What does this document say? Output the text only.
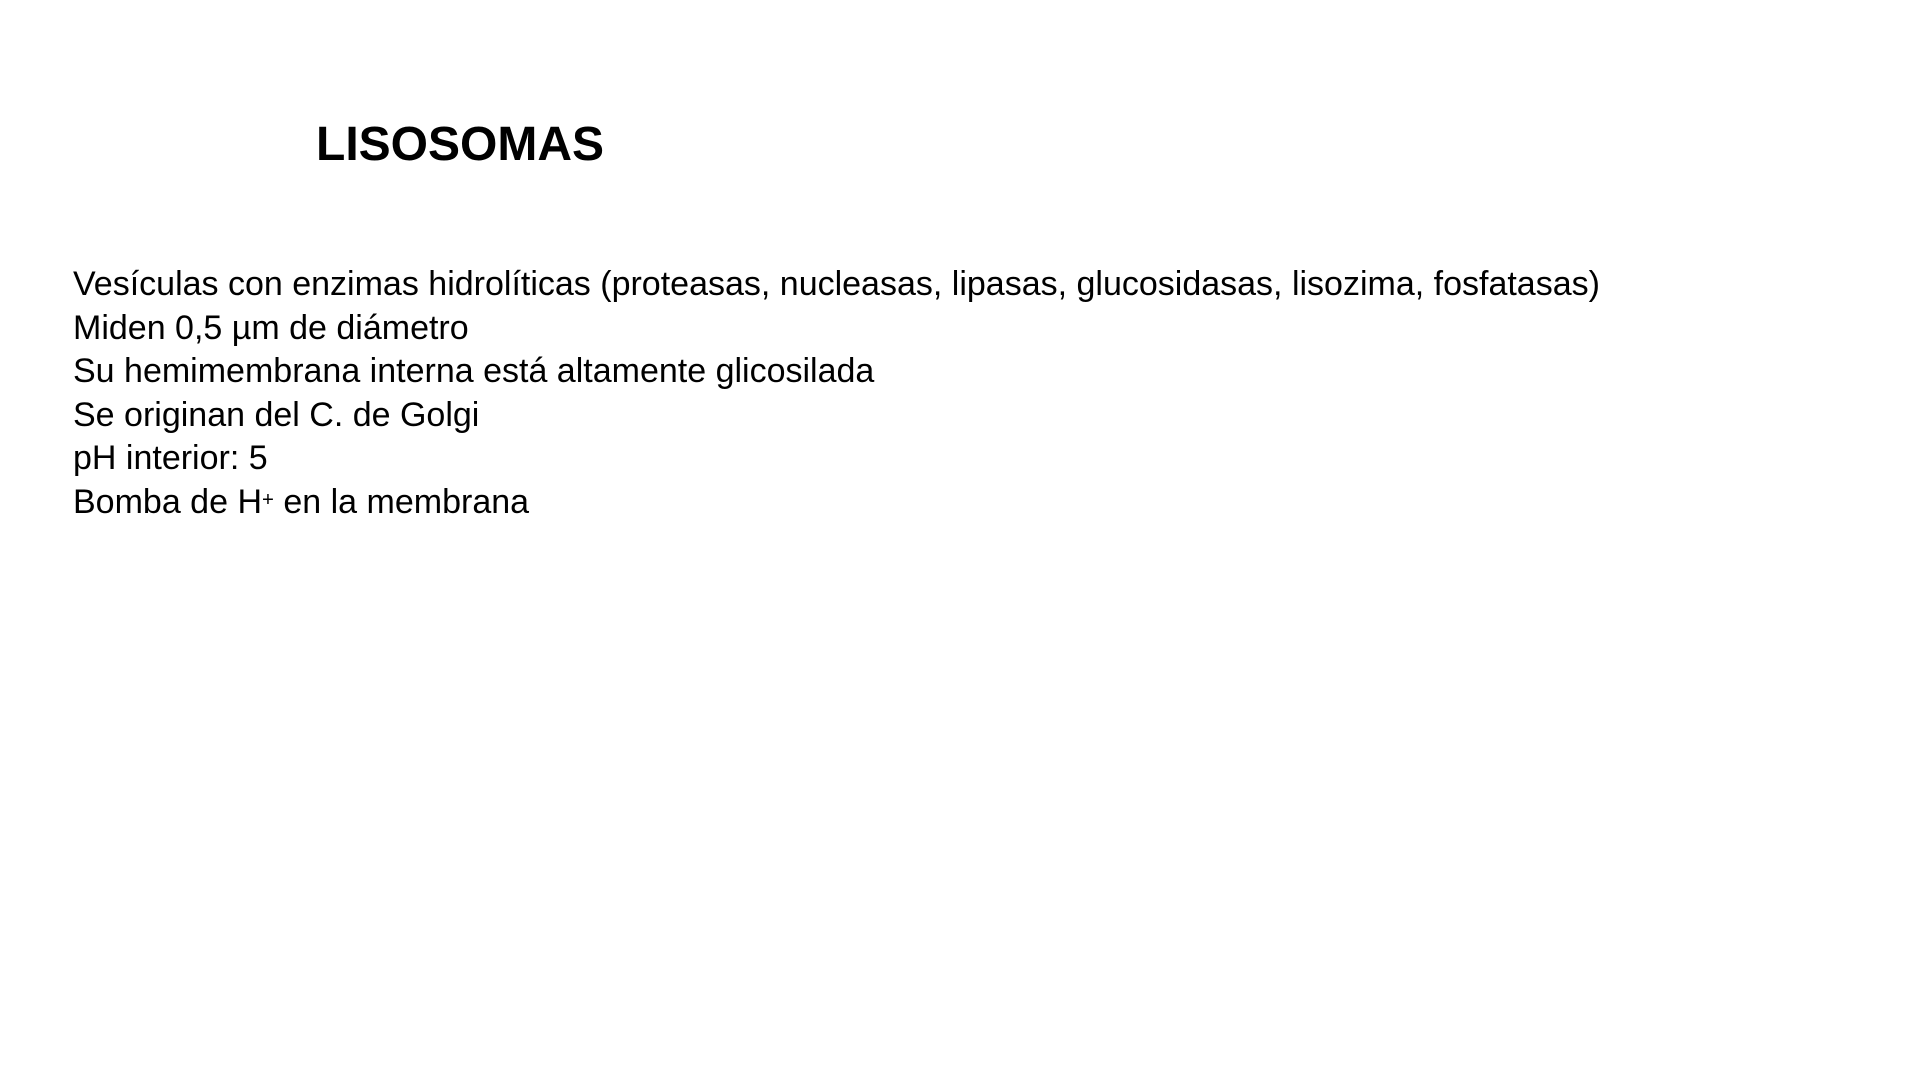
LISOSOMAS
Vesículas con enzimas hidrolíticas (proteasas, nucleasas, lipasas, glucosidasas, lisozima, fosfatasas)
Miden 0,5 µm de diámetro
Su hemimembrana interna está altamente glicosilada
Se originan del C. de Golgi
pH interior: 5
Bomba de H+ en la membrana
